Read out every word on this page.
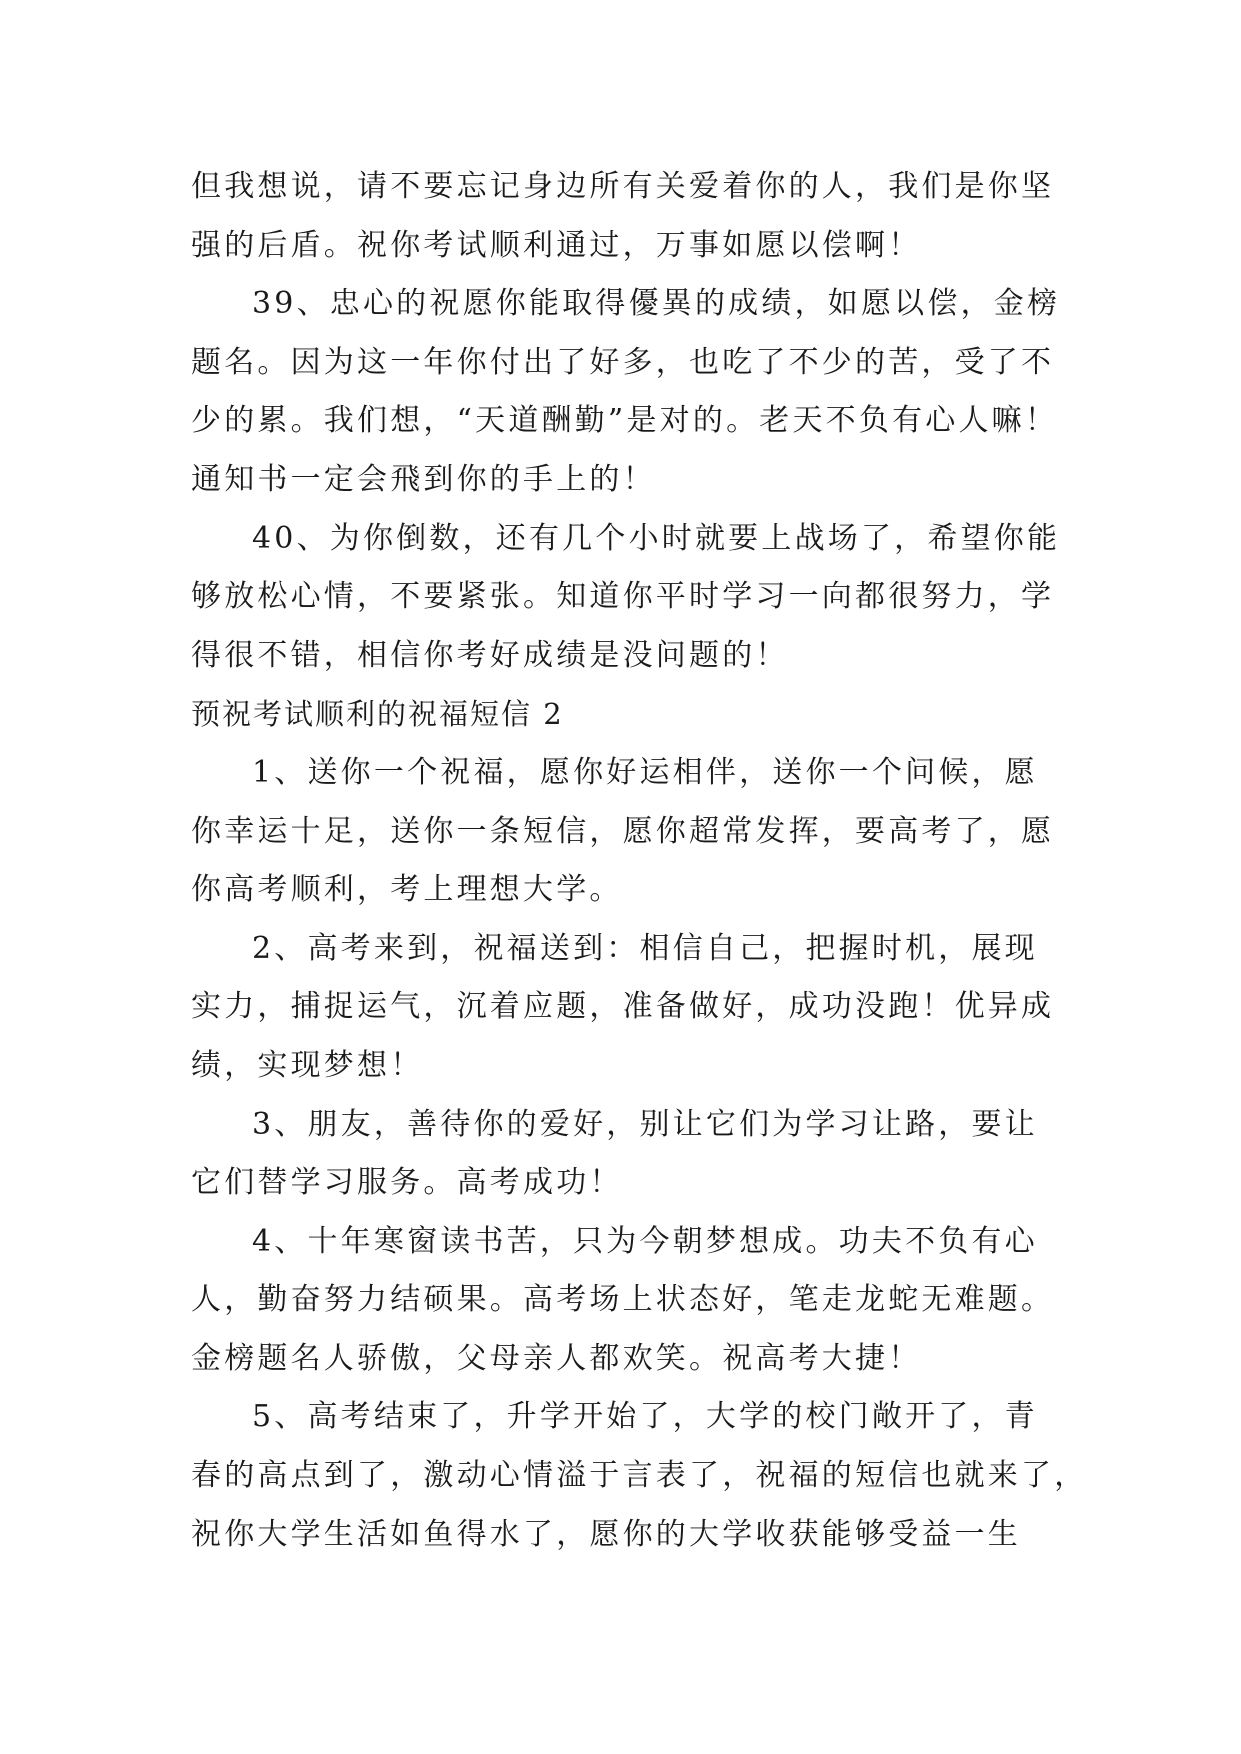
但我想说，请不要忘记身边所有关爱着你的人，我们是你坚
强的后盾。祝你考试顺利通过，万事如愿以偿啊！
39、忠心的祝愿你能取得優異的成绩，如愿以偿，金榜
题名。因为这一年你付出了好多，也吃了不少的苦，受了不
少的累。我们想，“天道酬勤”是对的。老天不负有心人嘛！
通知书一定会飛到你的手上的！
40、为你倒数，还有几个小时就要上战场了，希望你能
够放松心情，不要紧张。知道你平时学习一向都很努力，学
得很不错，相信你考好成绩是没问题的！
预祝考试顺利的祝福短信 2
1、送你一个祝福，愿你好运相伴，送你一个问候，愿
你幸运十足，送你一条短信，愿你超常发挥，要高考了，愿
你高考顺利，考上理想大学。
2、高考来到，祝福送到：相信自己，把握时机，展现
实力，捕捉运气，沉着应题，准备做好，成功没跑！优异成
绩，实现梦想！
3、朋友，善待你的爱好，别让它们为学习让路，要让
它们替学习服务。高考成功！
4、十年寒窗读书苦，只为今朝梦想成。功夫不负有心
人，勤奋努力结硕果。高考场上状态好，笔走龙蛇无难题。
金榜题名人骄傲，父母亲人都欢笑。祝高考大捷！
5、高考结束了，升学开始了，大学的校门敞开了，青
春的高点到了，激动心情溢于言表了，祝福的短信也就来了，
祝你大学生活如鱼得水了，愿你的大学收获能够受益一生
